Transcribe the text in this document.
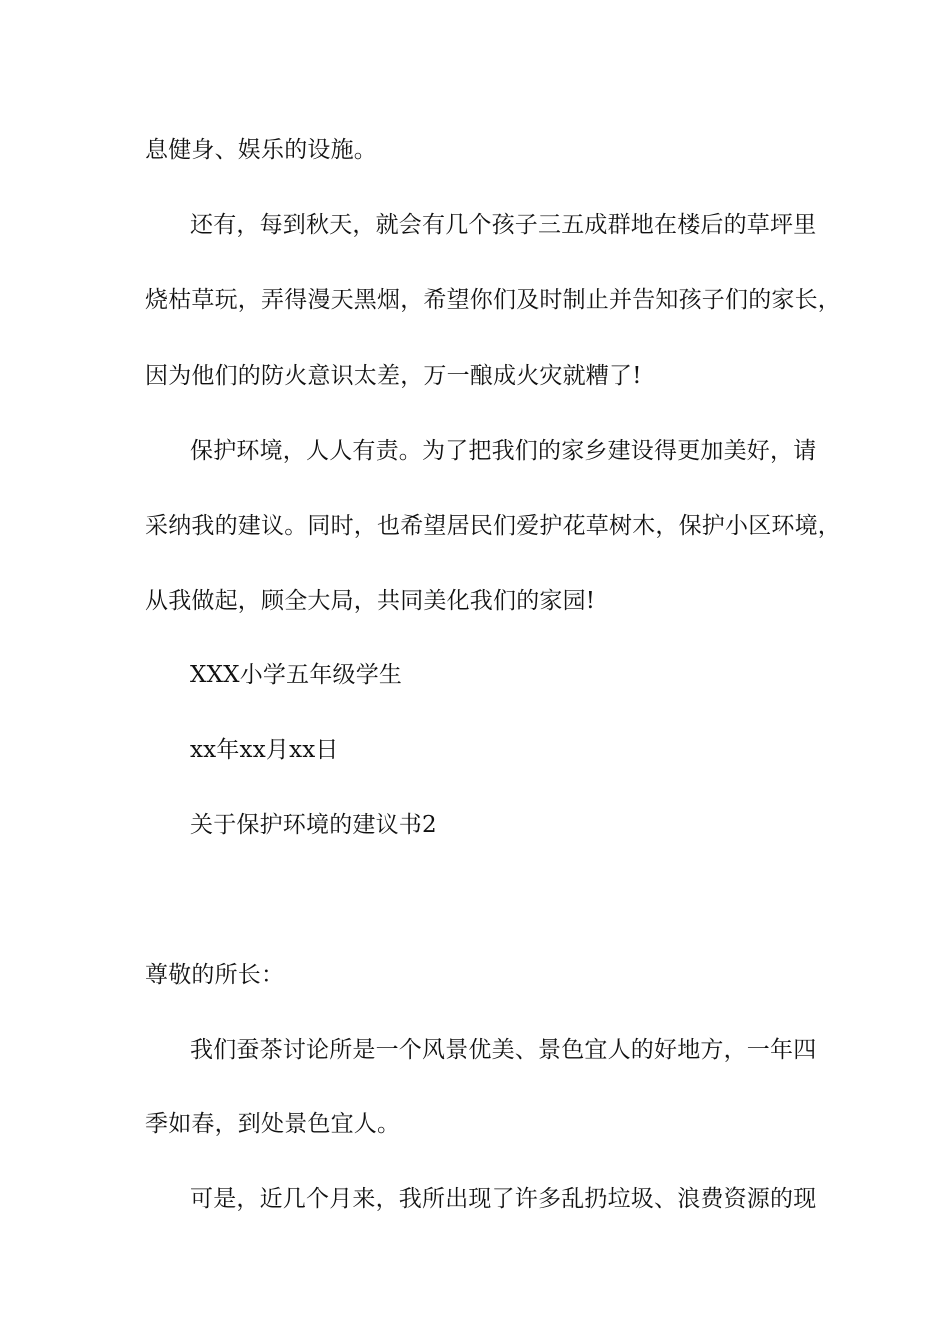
息健身、娱乐的设施。
还有，每到秋天，就会有几个孩子三五成群地在楼后的草坪里
烧枯草玩，弄得漫天黑烟，希望你们及时制止并告知孩子们的家长，
因为他们的防火意识太差，万一酿成火灾就糟了!
保护环境，人人有责。为了把我们的家乡建设得更加美好，请
采纳我的建议。同时，也希望居民们爱护花草树木，保护小区环境，
从我做起，顾全大局，共同美化我们的家园!
XXX小学五年级学生
xx年xx月xx日
关于保护环境的建议书2
尊敬的所长：
我们蚕茶讨论所是一个风景优美、景色宜人的好地方，一年四
季如春，到处景色宜人。
可是，近几个月来，我所出现了许多乱扔垃圾、浪费资源的现
